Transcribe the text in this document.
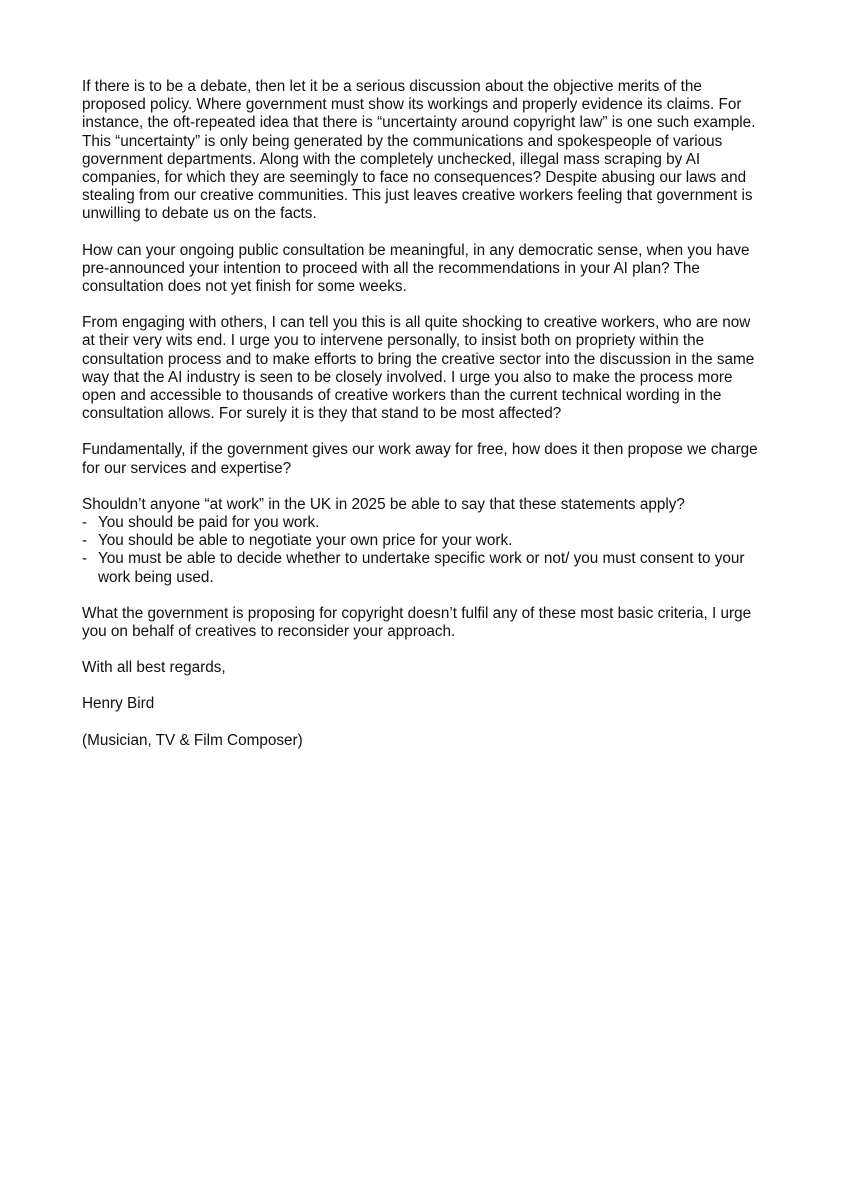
If there is to be a debate, then let it be a serious discussion about the objective merits of the proposed policy. Where government must show its workings and properly evidence its claims. For instance, the oft-repeated idea that there is “uncertainty around copyright law” is one such example. This “uncertainty” is only being generated by the communications and spokespeople of various government departments. Along with the completely unchecked, illegal mass scraping by AI companies, for which they are seemingly to face no consequences? Despite abusing our laws and stealing from our creative communities. This just leaves creative workers feeling that government is unwilling to debate us on the facts.

How can your ongoing public consultation be meaningful, in any democratic sense, when you have pre-announced your intention to proceed with all the recommendations in your AI plan? The consultation does not yet finish for some weeks.

From engaging with others, I can tell you this is all quite shocking to creative workers, who are now at their very wits end. I urge you to intervene personally, to insist both on propriety within the consultation process and to make efforts to bring the creative sector into the discussion in the same way that the AI industry is seen to be closely involved. I urge you also to make the process more open and accessible to thousands of creative workers than the current technical wording in the consultation allows. For surely it is they that stand to be most affected?

Fundamentally, if the government gives our work away for free, how does it then propose we charge for our services and expertise?

Shouldn’t anyone “at work” in the UK in 2025 be able to say that these statements apply?

- You should be paid for you work.
- You should be able to negotiate your own price for your work.
- You must be able to decide whether to undertake specific work or not/ you must consent to your work being used.

What the government is proposing for copyright doesn’t fulfil any of these most basic criteria, I urge you on behalf of creatives to reconsider your approach.

With all best regards,

Henry Bird

(Musician, TV & Film Composer)
